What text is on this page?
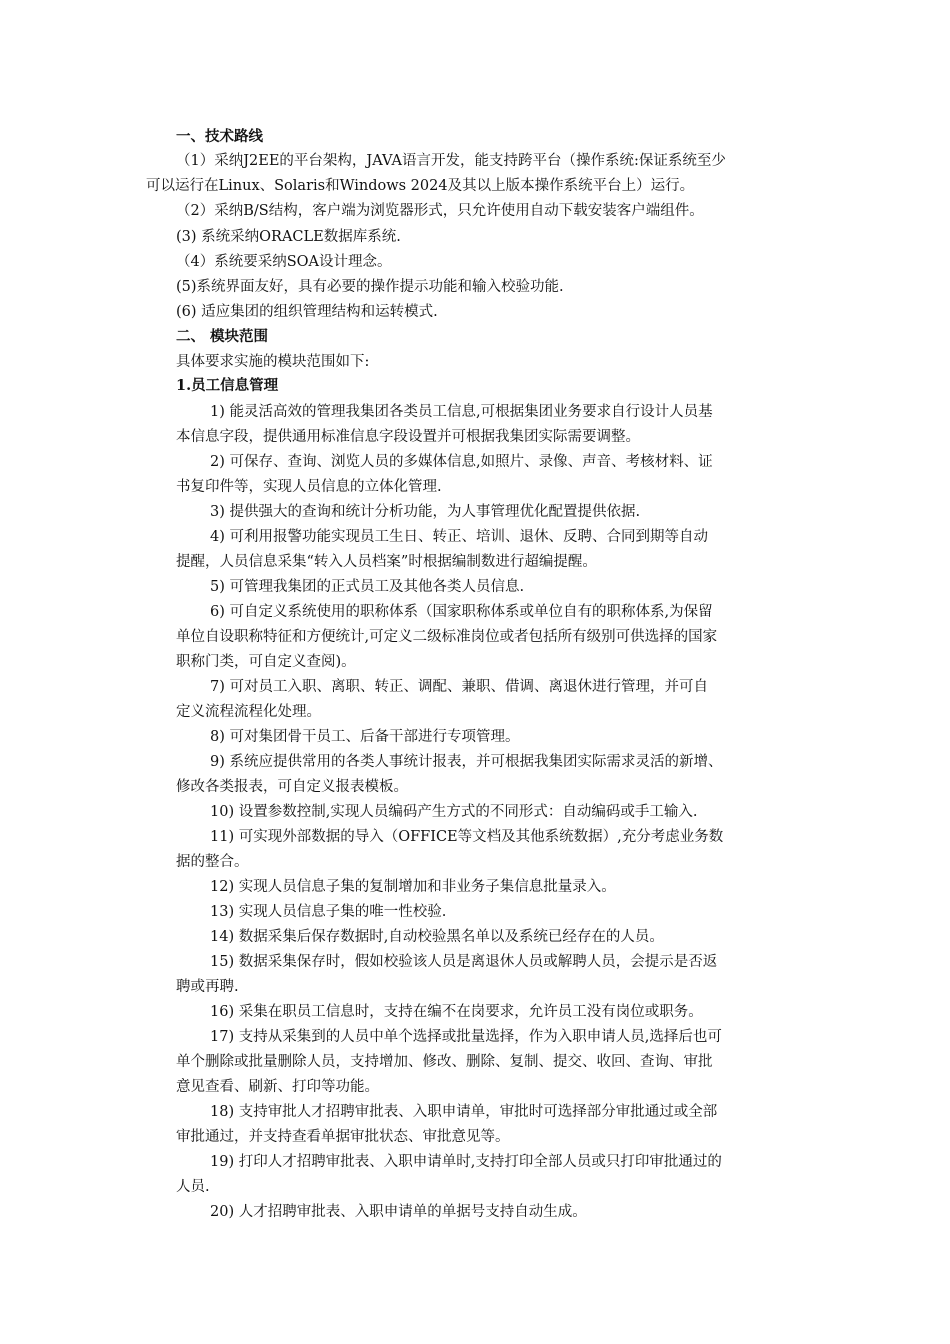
一、技术路线
（1）采纳J2EE的平台架构，JAVA语言开发，能支持跨平台（操作系统:保证系统至少
可以运行在Linux、Solaris和Windows 2024及其以上版本操作系统平台上）运行。
（2）采纳B/S结构，客户端为浏览器形式，只允许使用自动下载安装客户端组件。
(3) 系统采纳ORACLE数据库系统.
（4）系统要采纳SOA设计理念。
(5)系统界面友好，具有必要的操作提示功能和输入校验功能.
(6) 适应集团的组织管理结构和运转模式.
二、 模块范围
具体要求实施的模块范围如下:
1.员工信息管理
1) 能灵活高效的管理我集团各类员工信息,可根据集团业务要求自行设计人员基
本信息字段，提供通用标准信息字段设置并可根据我集团实际需要调整。
2) 可保存、查询、浏览人员的多媒体信息,如照片、录像、声音、考核材料、证
书复印件等，实现人员信息的立体化管理.
3) 提供强大的查询和统计分析功能，为人事管理优化配置提供依据.
4) 可利用报警功能实现员工生日、转正、培训、退休、反聘、合同到期等自动
提醒，人员信息采集“转入人员档案”时根据编制数进行超编提醒。
5) 可管理我集团的正式员工及其他各类人员信息.
6) 可自定义系统使用的职称体系（国家职称体系或单位自有的职称体系,为保留
单位自设职称特征和方便统计,可定义二级标准岗位或者包括所有级别可供选择的国家
职称门类，可自定义查阅)。
7) 可对员工入职、离职、转正、调配、兼职、借调、离退休进行管理，并可自
定义流程流程化处理。
8) 可对集团骨干员工、后备干部进行专项管理。
9) 系统应提供常用的各类人事统计报表，并可根据我集团实际需求灵活的新增、
修改各类报表，可自定义报表模板。
10) 设置参数控制,实现人员编码产生方式的不同形式：自动编码或手工输入.
11) 可实现外部数据的导入（OFFICE等文档及其他系统数据）,充分考虑业务数
据的整合。
12) 实现人员信息子集的复制增加和非业务子集信息批量录入。
13) 实现人员信息子集的唯一性校验.
14) 数据采集后保存数据时,自动校验黑名单以及系统已经存在的人员。
15) 数据采集保存时，假如校验该人员是离退休人员或解聘人员，会提示是否返
聘或再聘.
16) 采集在职员工信息时，支持在编不在岗要求，允许员工没有岗位或职务。
17) 支持从采集到的人员中单个选择或批量选择，作为入职申请人员,选择后也可
单个删除或批量删除人员，支持增加、修改、删除、复制、提交、收回、查询、审批
意见查看、刷新、打印等功能。
18) 支持审批人才招聘审批表、入职申请单，审批时可选择部分审批通过或全部
审批通过，并支持查看单据审批状态、审批意见等。
19) 打印人才招聘审批表、入职申请单时,支持打印全部人员或只打印审批通过的
人员.
20) 人才招聘审批表、入职申请单的单据号支持自动生成。
